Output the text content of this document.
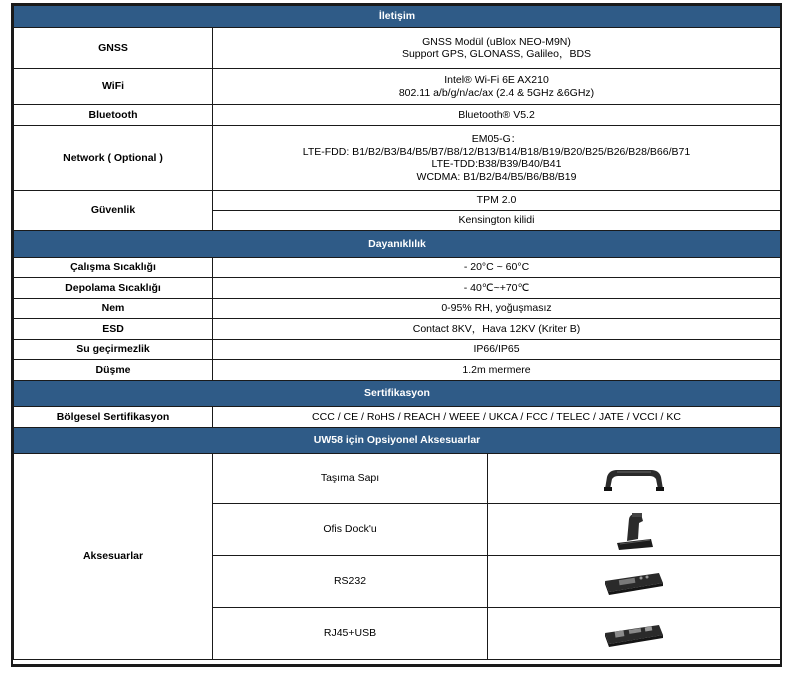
İletişim		
GNSS	GNSS Modül (uBlox NEO-M9N)
Support GPS, GLONASS, Galileo，BDS	

WiFi	Intel® Wi-Fi 6E AX210
802.11 a/b/g/n/ac/ax (2.4 & 5GHz &6GHz)	

Bluetooth	Bluetooth® V5.2	
Network ( Optional )	EM05-G：
LTE-FDD: B1/B2/B3/B4/B5/B7/B8/12/B13/B14/B18/B19/B20/B25/B26/B28/B66/B71
LTE-TDD:B38/B39/B40/B41
WCDMA: B1/B2/B4/B5/B6/B8/B19	

Güvenlik	TPM 2.0	
	Kensington kilidi	
Dayanıklılık		
Çalışma Sıcaklığı	- 20°C ~ 60°C	
Depolama Sıcaklığı	- 40℃~+70℃	
Nem	0-95% RH, yoğuşmasız	
ESD	Contact 8KV，Hava 12KV (Kriter B)	
Su geçirmezlik	IP66/IP65	
Düşme	1.2m mermere	
Sertifikasyon		
Bölgesel Sertifikasyon	CCC / CE / RoHS / REACH / WEEE / UKCA / FCC / TELEC / JATE / VCCI / KC	
UW58 için Opsiyonel Aksesuarlar		
Aksesuarlar	Taşıma Sapı	

	Ofis Dock'u	

	RS232	

	RJ45+USB	
